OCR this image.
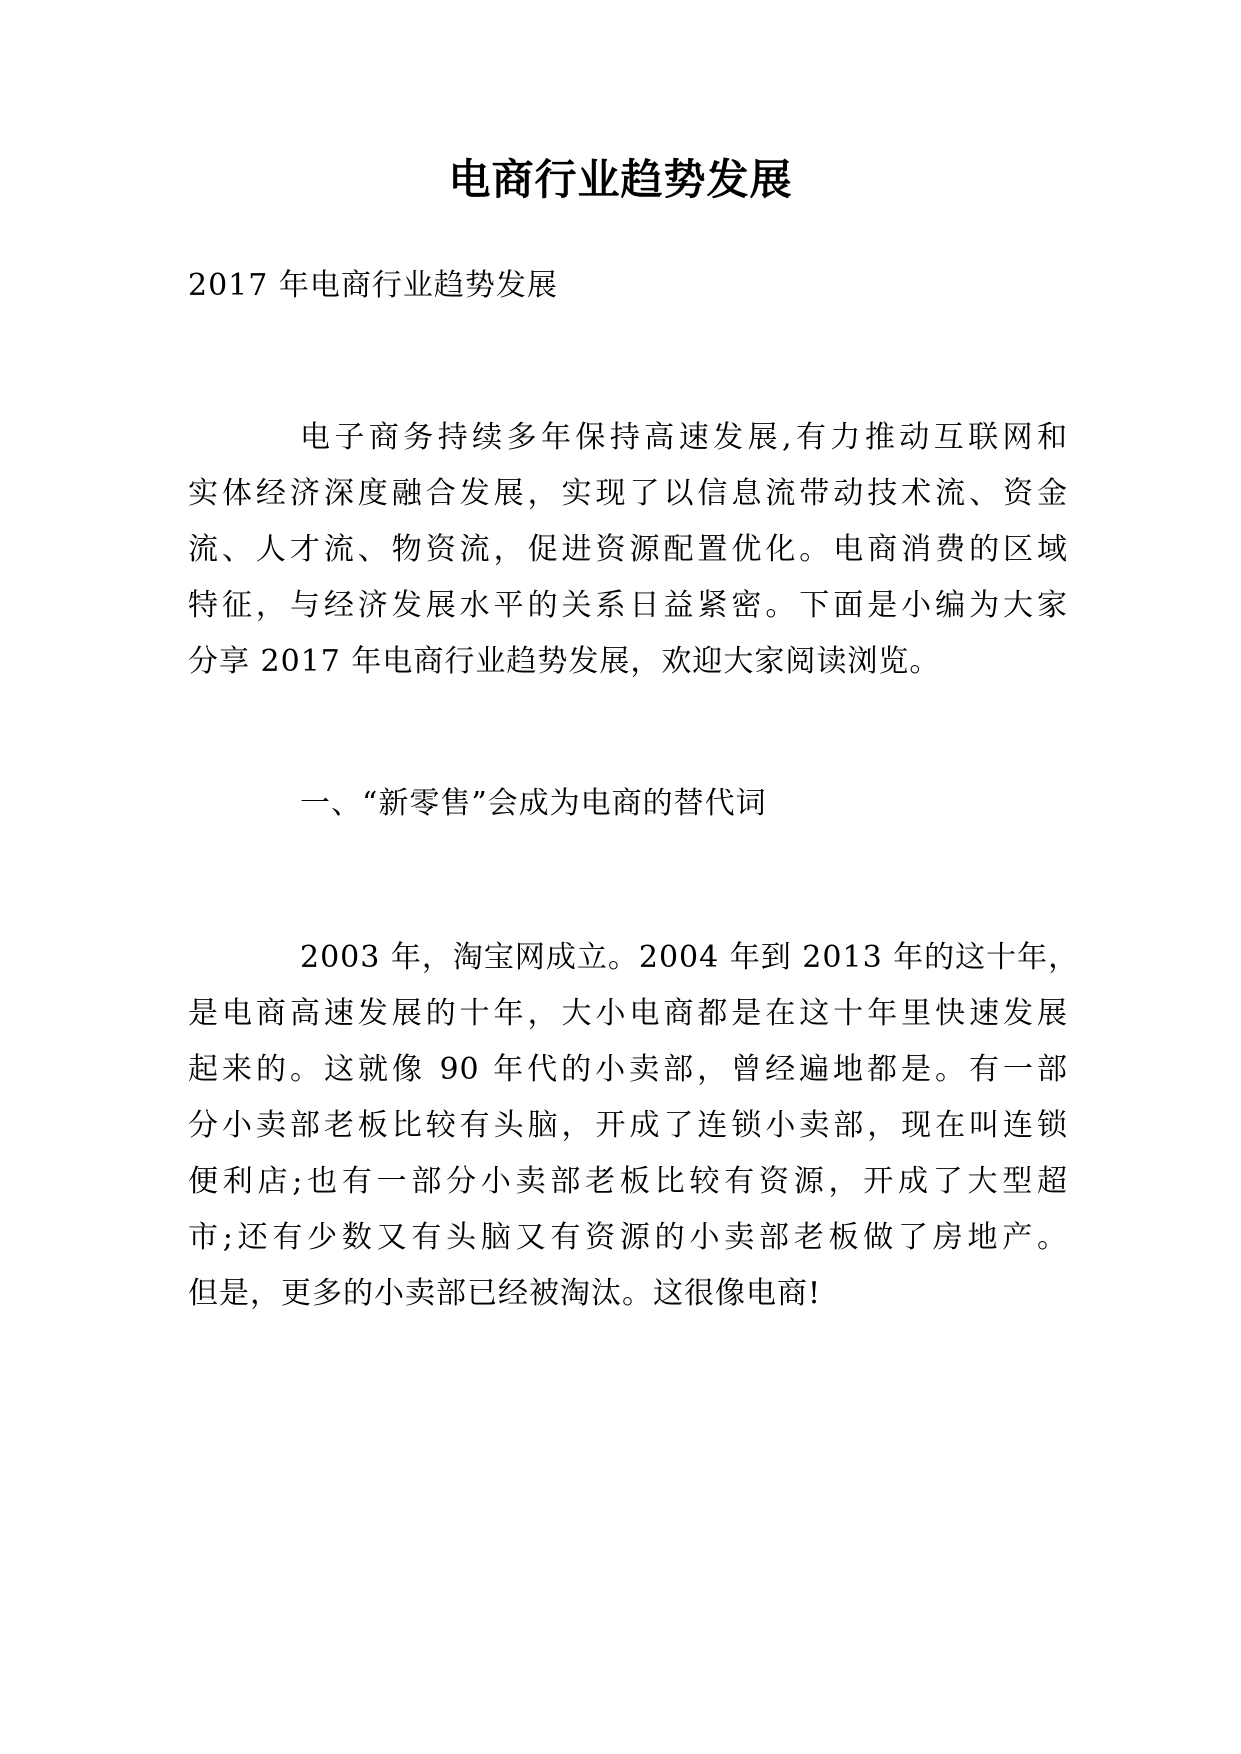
电商行业趋势发展
2017 年电商行业趋势发展
电子商务持续多年保持高速发展,有力推动互联网和
实体经济深度融合发展，实现了以信息流带动技术流、资金
流、人才流、物资流，促进资源配置优化。电商消费的区域
特征，与经济发展水平的关系日益紧密。下面是小编为大家
分享 2017 年电商行业趋势发展，欢迎大家阅读浏览。
一、“新零售”会成为电商的替代词
2003 年，淘宝网成立。2004 年到 2013 年的这十年，
是电商高速发展的十年，大小电商都是在这十年里快速发展
起来的。这就像 90 年代的小卖部，曾经遍地都是。有一部
分小卖部老板比较有头脑，开成了连锁小卖部，现在叫连锁
便利店;也有一部分小卖部老板比较有资源，开成了大型超
市;还有少数又有头脑又有资源的小卖部老板做了房地产。
但是，更多的小卖部已经被淘汰。这很像电商!
